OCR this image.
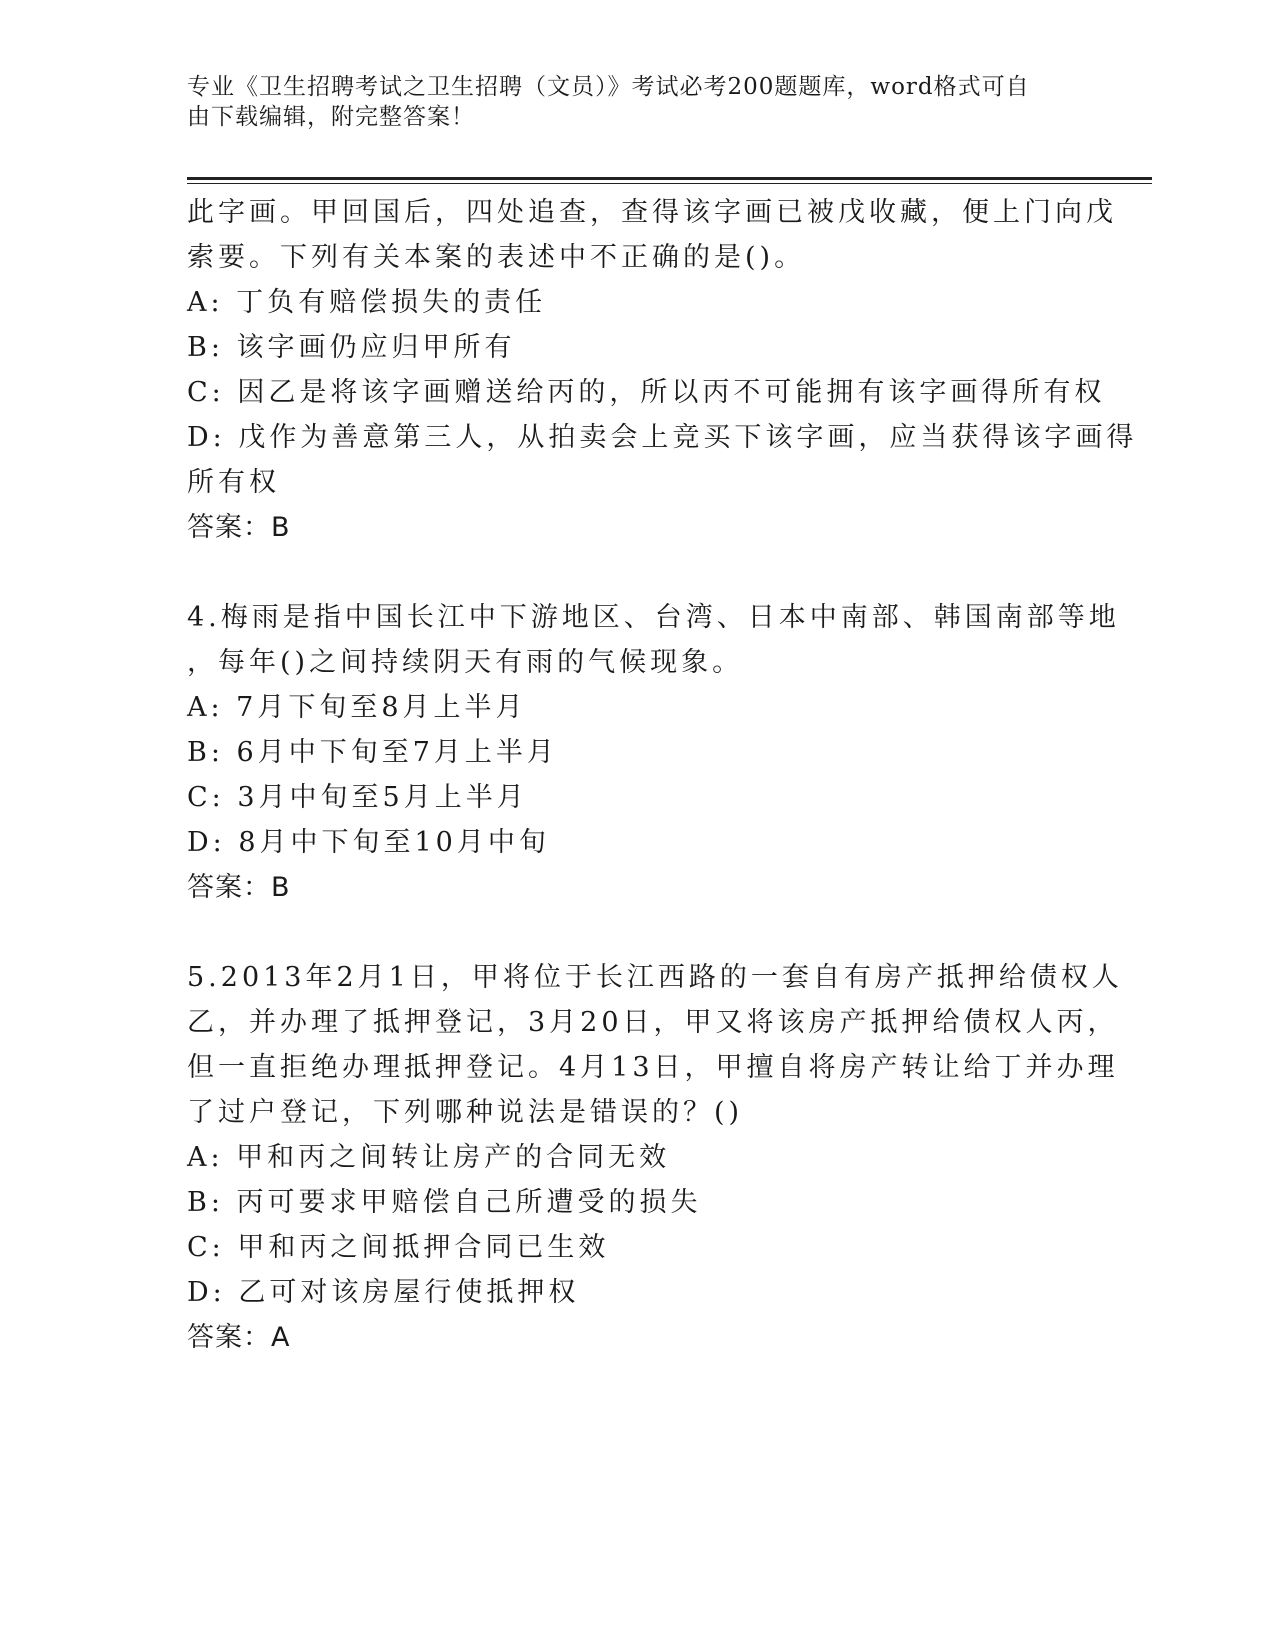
专业《卫生招聘考试之卫生招聘（文员）》考试必考200题题库，word格式可自
由下载编辑，附完整答案！
此字画。甲回国后，四处追查，查得该字画已被戊收藏，便上门向戊
索要。下列有关本案的表述中不正确的是()。
A: 丁负有赔偿损失的责任
B: 该字画仍应归甲所有
C: 因乙是将该字画赠送给丙的，所以丙不可能拥有该字画得所有权
D: 戊作为善意第三人，从拍卖会上竞买下该字画，应当获得该字画得
所有权
答案：B
4.梅雨是指中国长江中下游地区、台湾、日本中南部、韩国南部等地
，每年()之间持续阴天有雨的气候现象。
A: 7月下旬至8月上半月
B: 6月中下旬至7月上半月
C: 3月中旬至5月上半月
D: 8月中下旬至10月中旬
答案：B
5.2013年2月1日，甲将位于长江西路的一套自有房产抵押给债权人
乙，并办理了抵押登记，3月20日，甲又将该房产抵押给债权人丙，
但一直拒绝办理抵押登记。4月13日，甲擅自将房产转让给丁并办理
了过户登记，下列哪种说法是错误的？()
A: 甲和丙之间转让房产的合同无效
B: 丙可要求甲赔偿自己所遭受的损失
C: 甲和丙之间抵押合同已生效
D: 乙可对该房屋行使抵押权
答案：A
